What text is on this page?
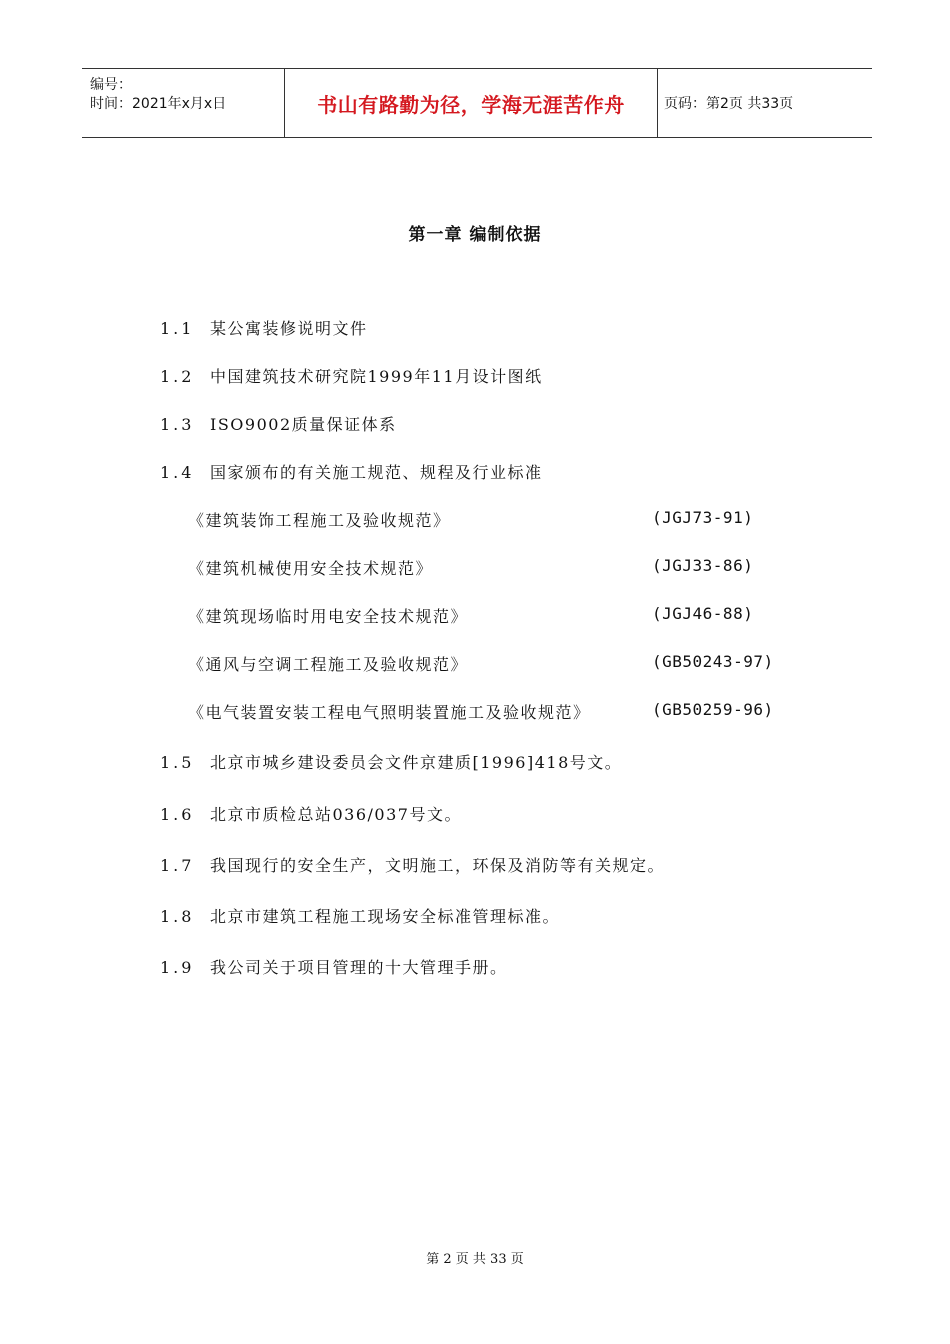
编号：
时间：2021年x月x日	书山有路勤为径，学海无涯苦作舟	页码：第2页 共33页
第一章 编制依据
1.1 某公寓装修说明文件
1.2 中国建筑技术研究院1999年11月设计图纸
1.3 ISO9002质量保证体系
1.4 国家颁布的有关施工规范、规程及行业标准
《建筑装饰工程施工及验收规范》	(JGJ73-91)
《建筑机械使用安全技术规范》	(JGJ33-86)
《建筑现场临时用电安全技术规范》	(JGJ46-88)
《通风与空调工程施工及验收规范》	(GB50243-97)
《电气装置安装工程电气照明装置施工及验收规范》	(GB50259-96)
1.5 北京市城乡建设委员会文件京建质[1996]418号文。
1.6 北京市质检总站036/037号文。
1.7 我国现行的安全生产，文明施工，环保及消防等有关规定。
1.8 北京市建筑工程施工现场安全标准管理标准。
1.9 我公司关于项目管理的十大管理手册。
第 2 页 共 33 页
